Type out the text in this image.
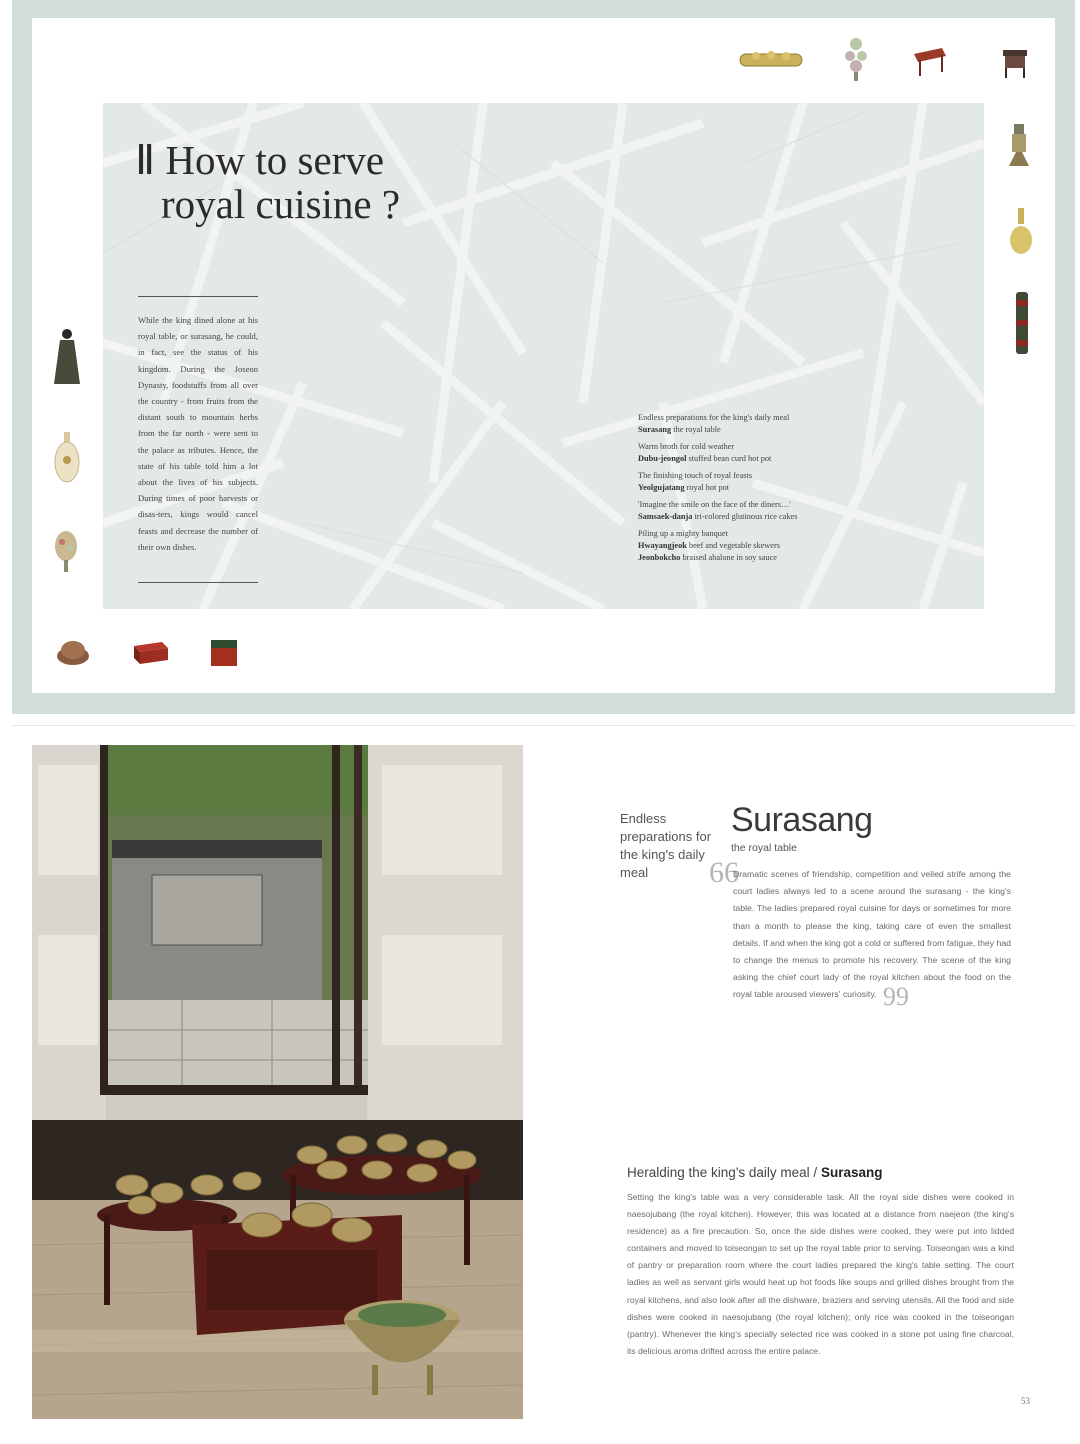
Ⅱ How to serve
royal cuisine ?
While the king dined alone at his royal table, or surasang, he could, in fact, see the status of his kingdom. During the Joseon Dynasty, foodstuffs from all over the country - from fruits from the distant south to mountain herbs from the far north - were sent to the palace as tributes. Hence, the state of his table told him a lot about the lives of his subjects. During times of poor harvests or disas-ters, kings would cancel feasts and decrease the number of their own dishes.
Endless preparations for the king's daily meal
Surasang the royal table
Warm broth for cold weather
Dubu-jeongol stuffed bean curd hot pot
The finishing touch of royal feasts
Yeolgujatang royal hot pot
'Imagine the smile on the face of the diners…'
Samsaek-danja tri-colored glutinous rice cakes
Piling up a mighty banquet
Hwayangjeok beef and vegetable skewers
Jeonbokcho braised abalone in soy sauce
Endless preparations for the king's daily meal
Surasang
the royal table
66
Dramatic scenes of friendship, competition and veiled strife among the court ladies always led to a scene around the surasang - the king's table. The ladies prepared royal cuisine for days or sometimes for more than a month to please the king, taking care of even the smallest details. If and when the king got a cold or suffered from fatigue, they had to change the menus to promote his recovery. The scene of the king asking the chief court lady of the royal kitchen about the food on the royal table aroused viewers' curiosity. 99
Heralding the king's daily meal / Surasang
Setting the king's table was a very considerable task. All the royal side dishes were cooked in naesojubang (the royal kitchen). However, this was located at a distance from naejeon (the king's residence) as a fire precaution. So, once the side dishes were cooked, they were put into lidded containers and moved to toiseongan to set up the royal table prior to serving. Toiseongan was a kind of pantry or preparation room where the court ladies prepared the king's table setting. The court ladies as well as servant girls would heat up hot foods like soups and grilled dishes brought from the royal kitchens, and also look after all the dishware, braziers and serving utensils. All the food and side dishes were cooked in naesojubang (the royal kitchen); only rice was cooked in the toiseongan (pantry). Whenever the king's specially selected rice was cooked in a stone pot using fine charcoal, its delicious aroma drifted across the entire palace.
53
